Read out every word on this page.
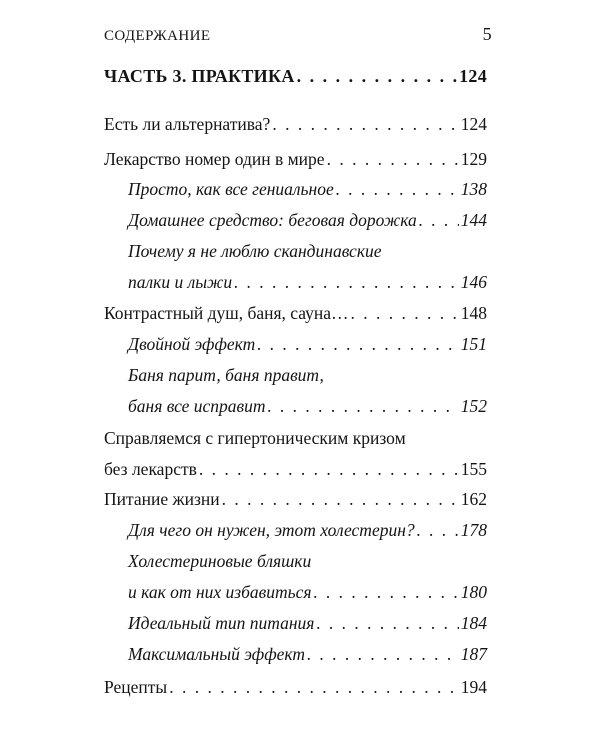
СОДЕРЖАНИЕ	5
ЧАСТЬ 3. ПРАКТИКА . . .	124
Есть ли альтернатива? . . .	124
Лекарство номер один в мире . . .	129
Просто, как все гениальное . . .	138
Домашнее средство: беговая дорожка . . .	144
Почему я не люблю скандинавские
палки и лыжи . . .	146
Контрастный душ, баня, сауна… . . .	148
Двойной эффект . . .	151
Баня парит, баня правит,
баня все исправит . . .	152
Справляемся с гипертоническим кризом
без лекарств . . .	155
Питание жизни . . .	162
Для чего он нужен, этот холестерин? . . .	178
Холестериновые бляшки
и как от них избавиться . . .	180
Идеальный тип питания . . .	184
Максимальный эффект . . .	187
Рецепты . . .	194
